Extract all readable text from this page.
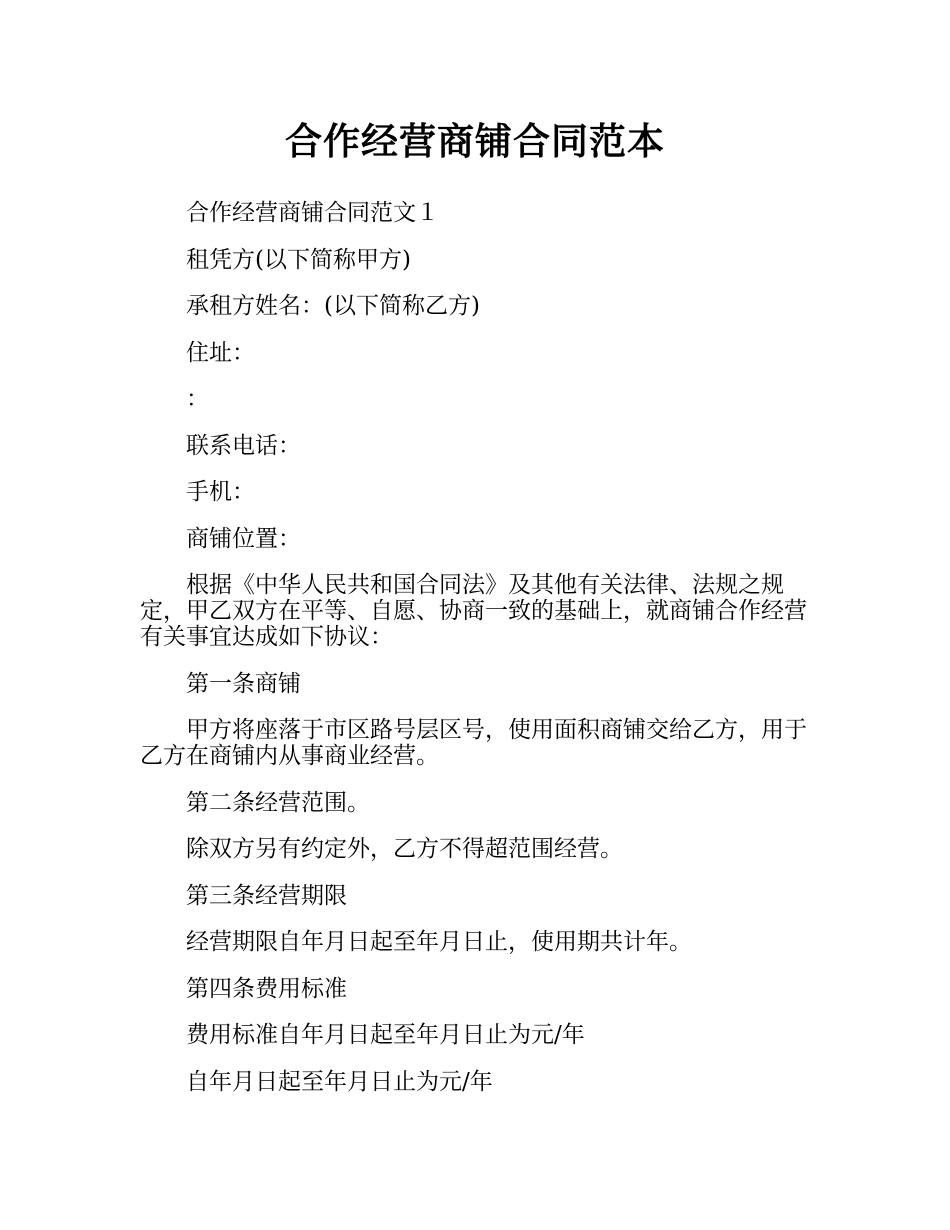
合作经营商铺合同范本

合作经营商铺合同范文１

租凭方(以下简称甲方)

承租方姓名：(以下简称乙方)

住址：

：

联系电话：

手机：

商铺位置：

根据《中华人民共和国合同法》及其他有关法律、法规之规定，甲乙双方在平等、自愿、协商一致的基础上，就商铺合作经营有关事宜达成如下协议：

第一条商铺

甲方将座落于市区路号层区号，使用面积商铺交给乙方，用于乙方在商铺内从事商业经营。

第二条经营范围。

除双方另有约定外，乙方不得超范围经营。

第三条经营期限

经营期限自年月日起至年月日止，使用期共计年。

第四条费用标准

费用标准自年月日起至年月日止为元/年

自年月日起至年月日止为元/年
